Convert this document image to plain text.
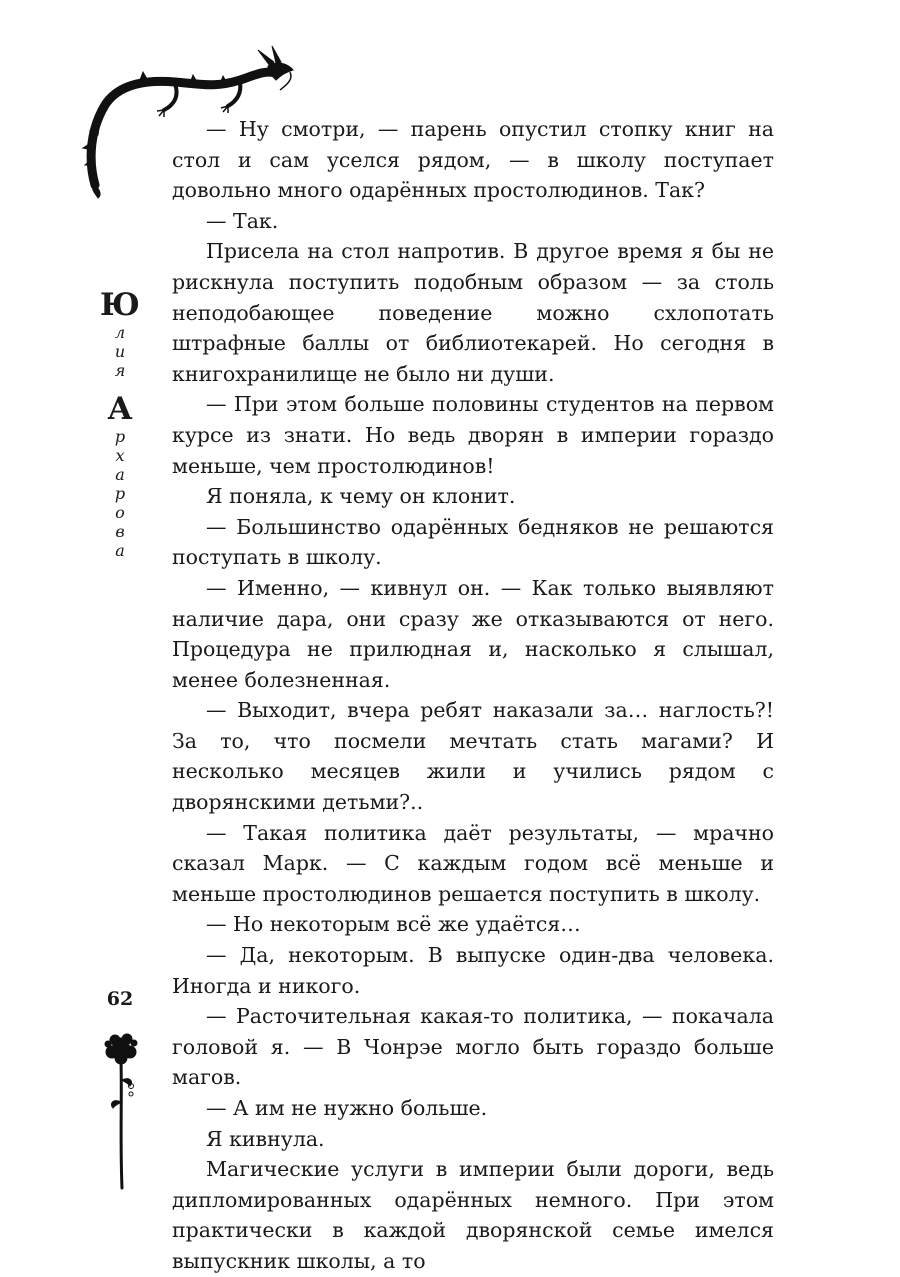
Ю
л
и
я
А
р
х
а
р
о
в
а
62

— Ну смотри, — парень опустил стопку книг на стол и сам уселся рядом, — в школу поступает довольно много одарённых простолюдинов. Так?

— Так.

Присела на стол напротив. В другое время я бы не рискнула поступить подобным образом — за столь неподобающее поведение можно схлопотать штрафные баллы от библиотекарей. Но сегодня в книгохранилище не было ни души.

— При этом больше половины студентов на первом курсе из знати. Но ведь дворян в империи гораздо меньше, чем простолюдинов!

Я поняла, к чему он клонит.

— Большинство одарённых бедняков не решаются поступать в школу.

— Именно, — кивнул он. — Как только выявляют наличие дара, они сразу же отказываются от него. Процедура не прилюдная и, насколько я слышал, менее болезненная.

— Выходит, вчера ребят наказали за… наглость?! За то, что посмели мечтать стать магами? И несколько месяцев жили и учились рядом с дворянскими детьми?..

— Такая политика даёт результаты, — мрачно сказал Марк. — С каждым годом всё меньше и меньше простолюдинов решается поступить в школу.

— Но некоторым всё же удаётся…

— Да, некоторым. В выпуске один-два человека. Иногда и никого.

— Расточительная какая-то политика, — покачала головой я. — В Чонрэе могло быть гораздо больше магов.

— А им не нужно больше.

Я кивнула.

Магические услуги в империи были дороги, ведь дипломированных одарённых немного. При этом практически в каждой дворянской семье имелся выпускник школы, а то
